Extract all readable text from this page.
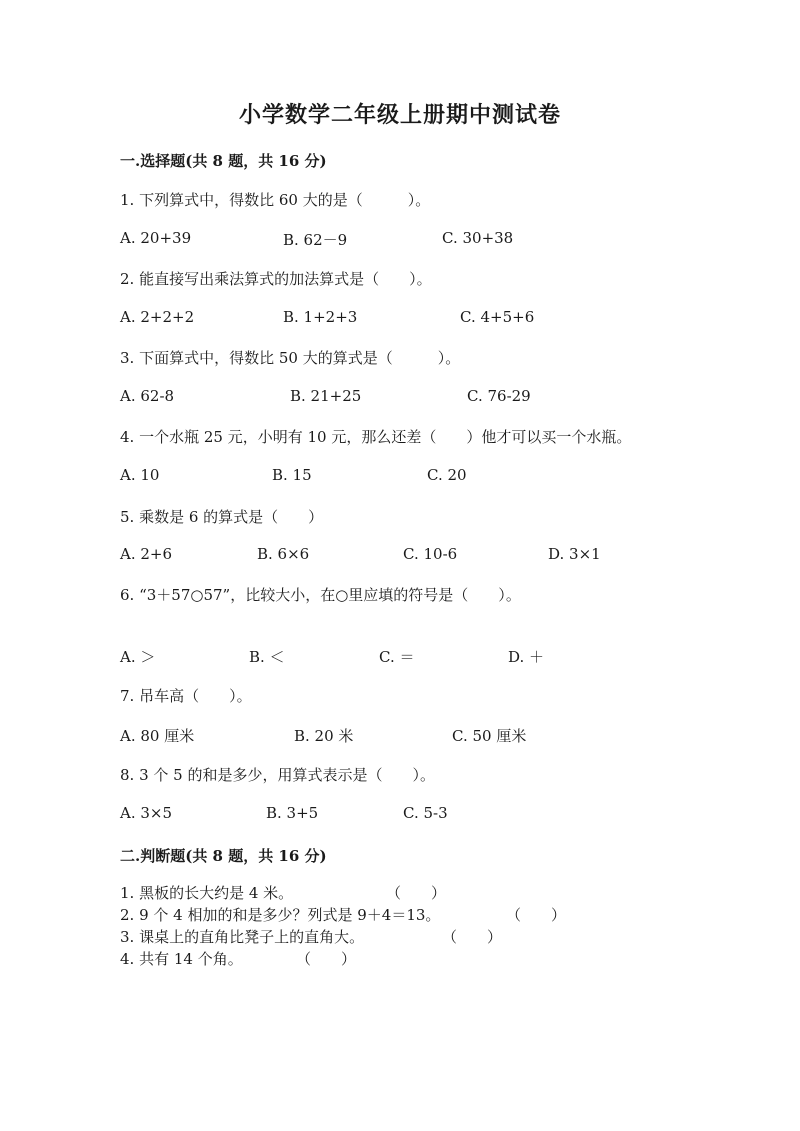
小学数学二年级上册期中测试卷
一.选择题(共 8 题，共 16 分)
1. 下列算式中，得数比 60 大的是（　　　）。
A. 20+39	B. 62－9	C. 30+38
2. 能直接写出乘法算式的加法算式是（　　）。
A. 2+2+2	B. 1+2+3	C. 4+5+6
3. 下面算式中，得数比 50 大的算式是（　　　）。
A. 62-8	B. 21+25	C. 76-29
4. 一个水瓶 25 元，小明有 10 元，那么还差（　　）他才可以买一个水瓶。
A. 10	B. 15	C. 20
5. 乘数是 6 的算式是（　　）
A. 2+6	B. 6×6	C. 10-6	D. 3×1
6. “3＋57○57”，比较大小，在○里应填的符号是（　　）。
A. ＞	B. ＜	C. ＝	D. ＋
7. 吊车高（　　）。
A. 80 厘米	B. 20 米	C. 50 厘米
8. 3 个 5 的和是多少，用算式表示是（　　）。
A. 3×5	B. 3+5	C. 5-3
二.判断题(共 8 题，共 16 分)
1. 黑板的长大约是 4 米。	（　　）
2. 9 个 4 相加的和是多少？列式是 9＋4＝13。	（　　）
3. 课桌上的直角比凳子上的直角大。	（　　）
4. 共有 14 个角。	（　　）
